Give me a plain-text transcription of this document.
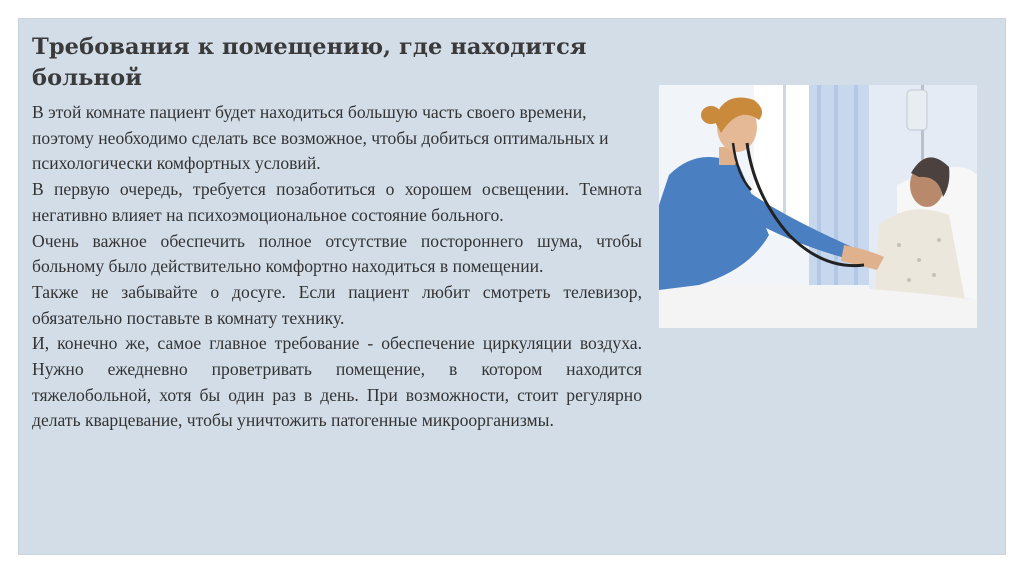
Требования к помещению, где находится больной

В этой комнате пациент будет находиться большую часть своего времени, поэтому необходимо сделать все возможное, чтобы добиться оптимальных и психологически комфортных условий.

В первую очередь, требуется позаботиться о хорошем освещении. Темнота негативно влияет на психоэмоциональное состояние больного.

Очень важное обеспечить полное отсутствие постороннего шума, чтобы больному было действительно комфортно находиться в помещении.

Также не забывайте о досуге. Если пациент любит смотреть телевизор, обязательно поставьте в комнату технику.

И, конечно же, самое главное требование - обеспечение циркуляции воздуха. Нужно ежедневно проветривать помещение, в котором находится тяжелобольной, хотя бы один раз в день. При возможности, стоит регулярно делать кварцевание, чтобы уничтожить патогенные микроорганизмы.
